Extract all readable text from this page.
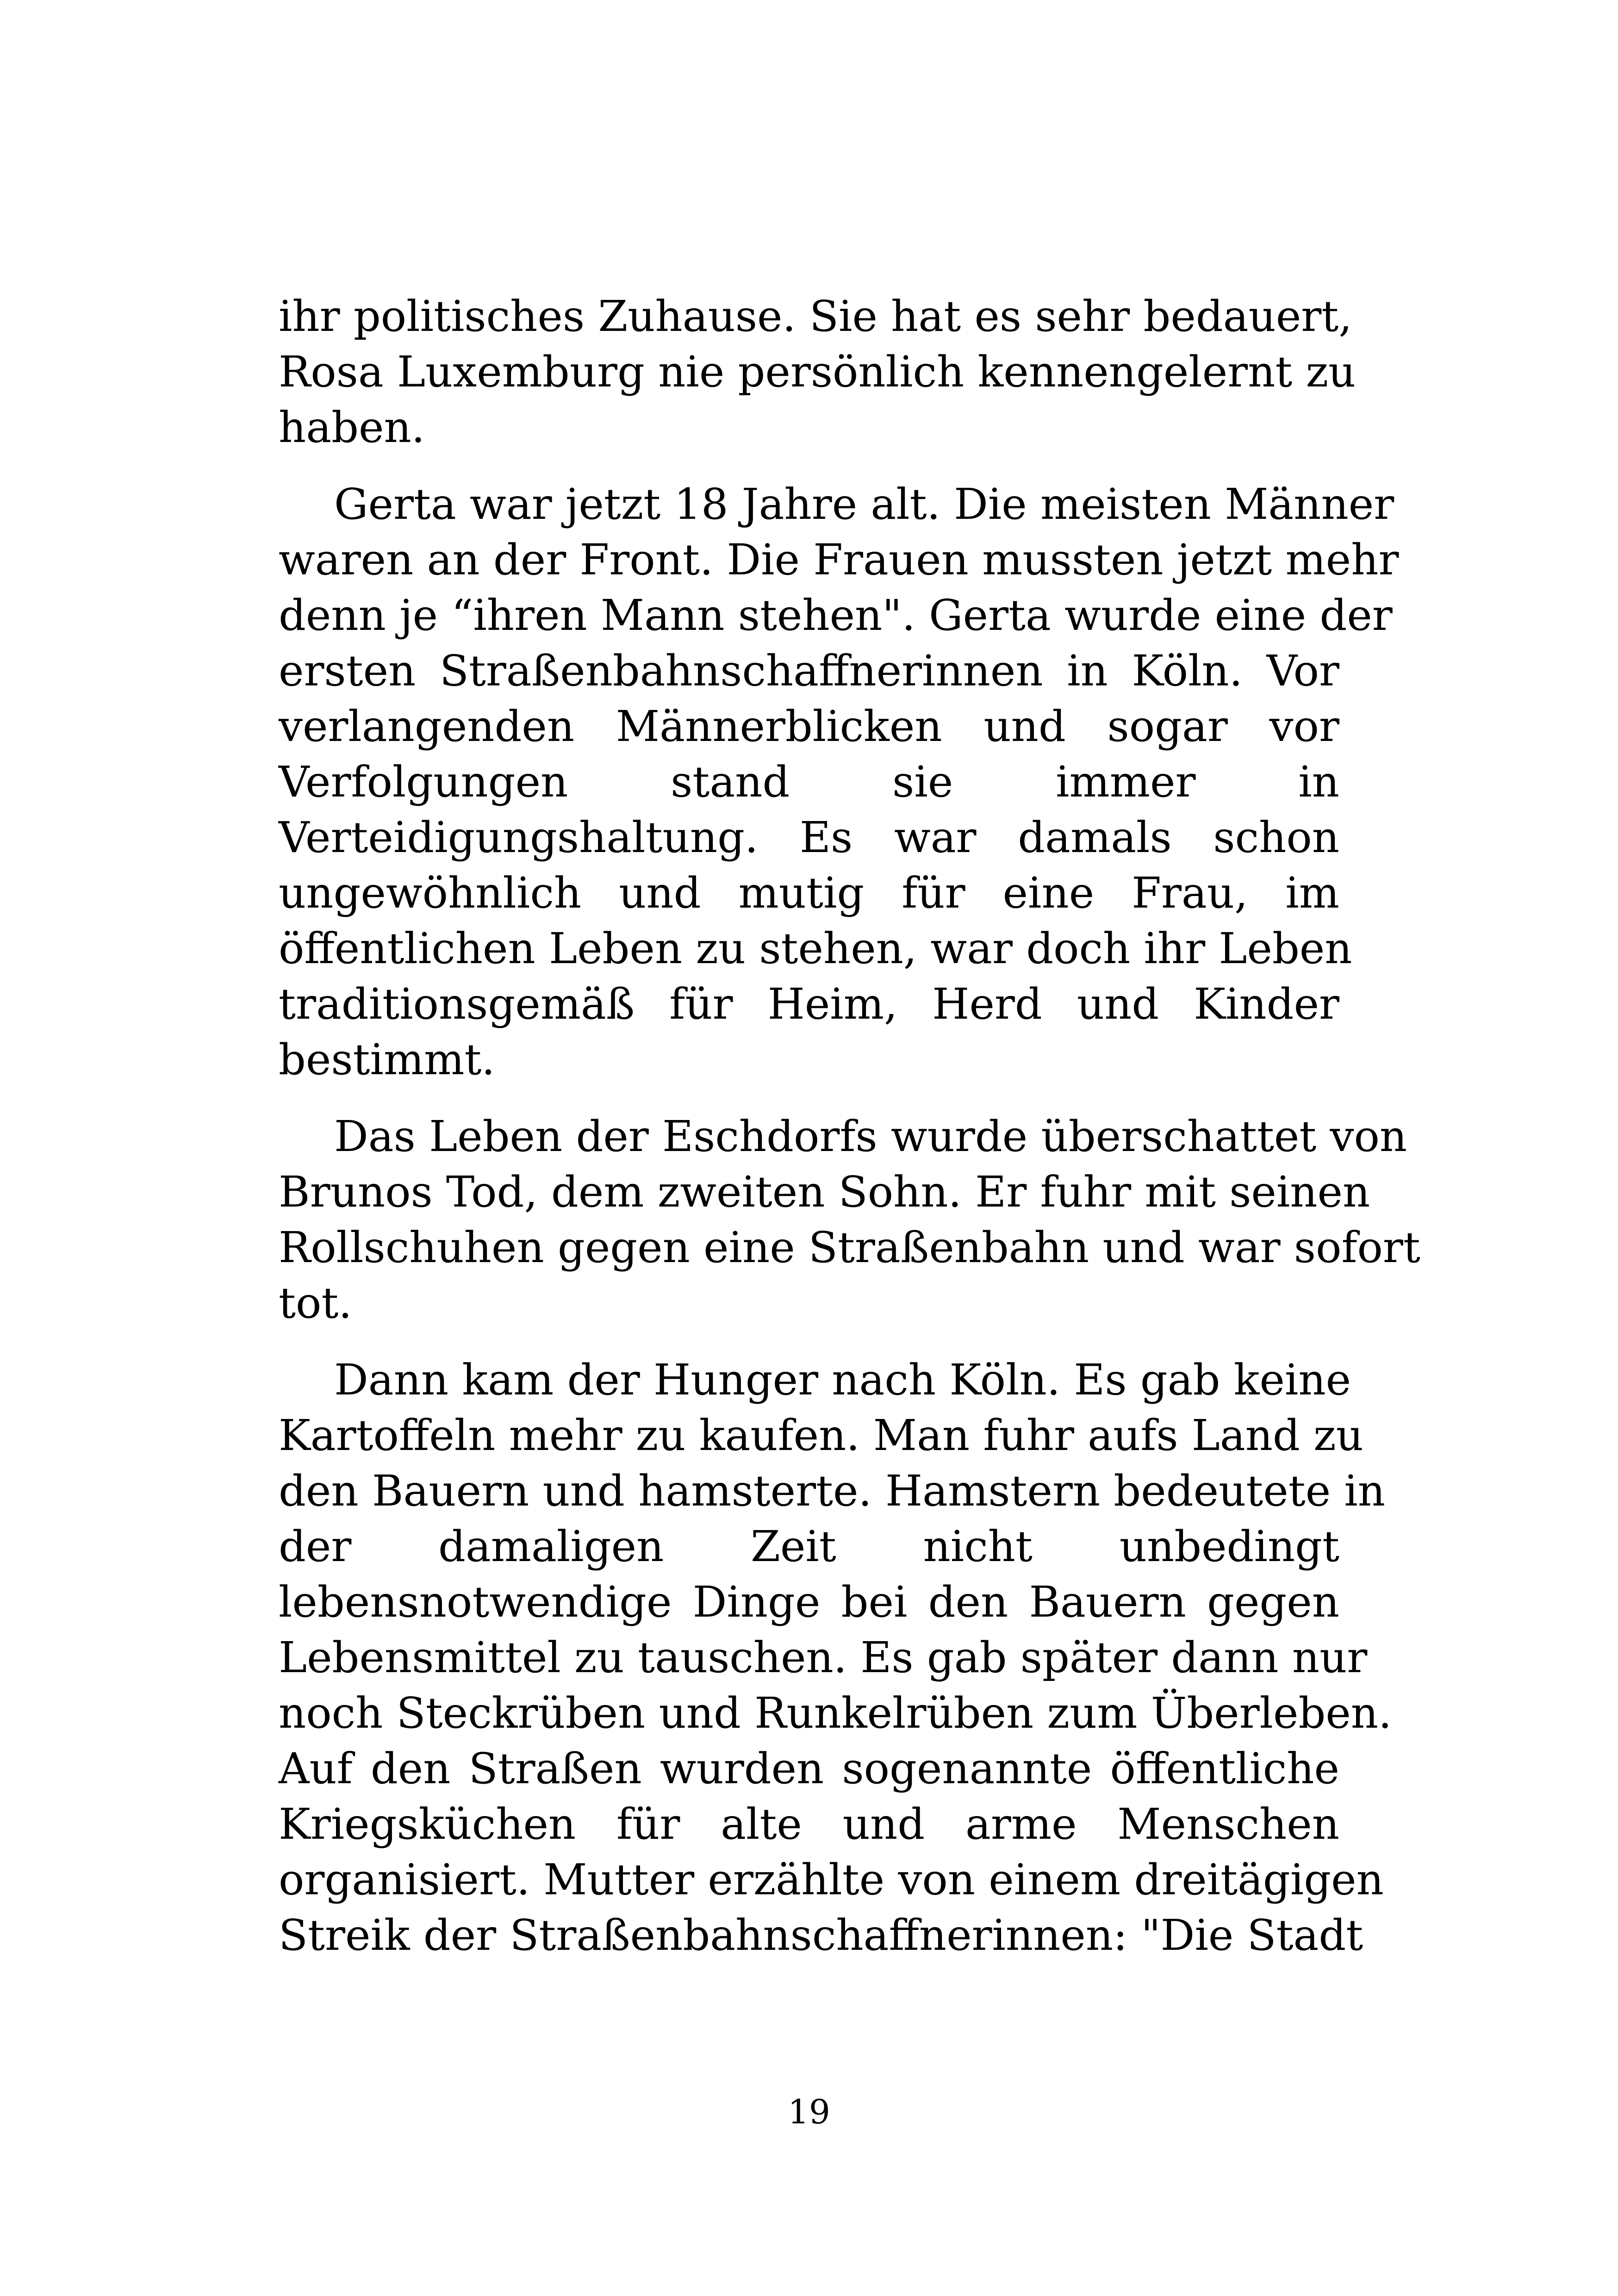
ihr politisches Zuhause. Sie hat es sehr bedauert,
Rosa Luxemburg nie persönlich kennengelernt zu
haben.
Gerta war jetzt 18 Jahre alt. Die meisten Männer
waren an der Front. Die Frauen mussten jetzt mehr
denn je “ihren Mann stehen". Gerta wurde eine der
ersten Straßenbahnschaffnerinnen in Köln. Vor
verlangenden Männerblicken und sogar vor
Verfolgungen stand sie immer in
Verteidigungshaltung. Es war damals schon
ungewöhnlich und mutig für eine Frau, im
öffentlichen Leben zu stehen, war doch ihr Leben
traditionsgemäß für Heim, Herd und Kinder
bestimmt.
Das Leben der Eschdorfs wurde überschattet von
Brunos Tod, dem zweiten Sohn. Er fuhr mit seinen
Rollschuhen gegen eine Straßenbahn und war sofort
tot.
Dann kam der Hunger nach Köln. Es gab keine
Kartoffeln mehr zu kaufen. Man fuhr aufs Land zu
den Bauern und hamsterte. Hamstern bedeutete in
der damaligen Zeit nicht unbedingt
lebensnotwendige Dinge bei den Bauern gegen
Lebensmittel zu tauschen. Es gab später dann nur
noch Steckrüben und Runkelrüben zum Überleben.
Auf den Straßen wurden sogenannte öffentliche
Kriegsküchen für alte und arme Menschen
organisiert. Mutter erzählte von einem dreitägigen
Streik der Straßenbahnschaffnerinnen: "Die Stadt
19
